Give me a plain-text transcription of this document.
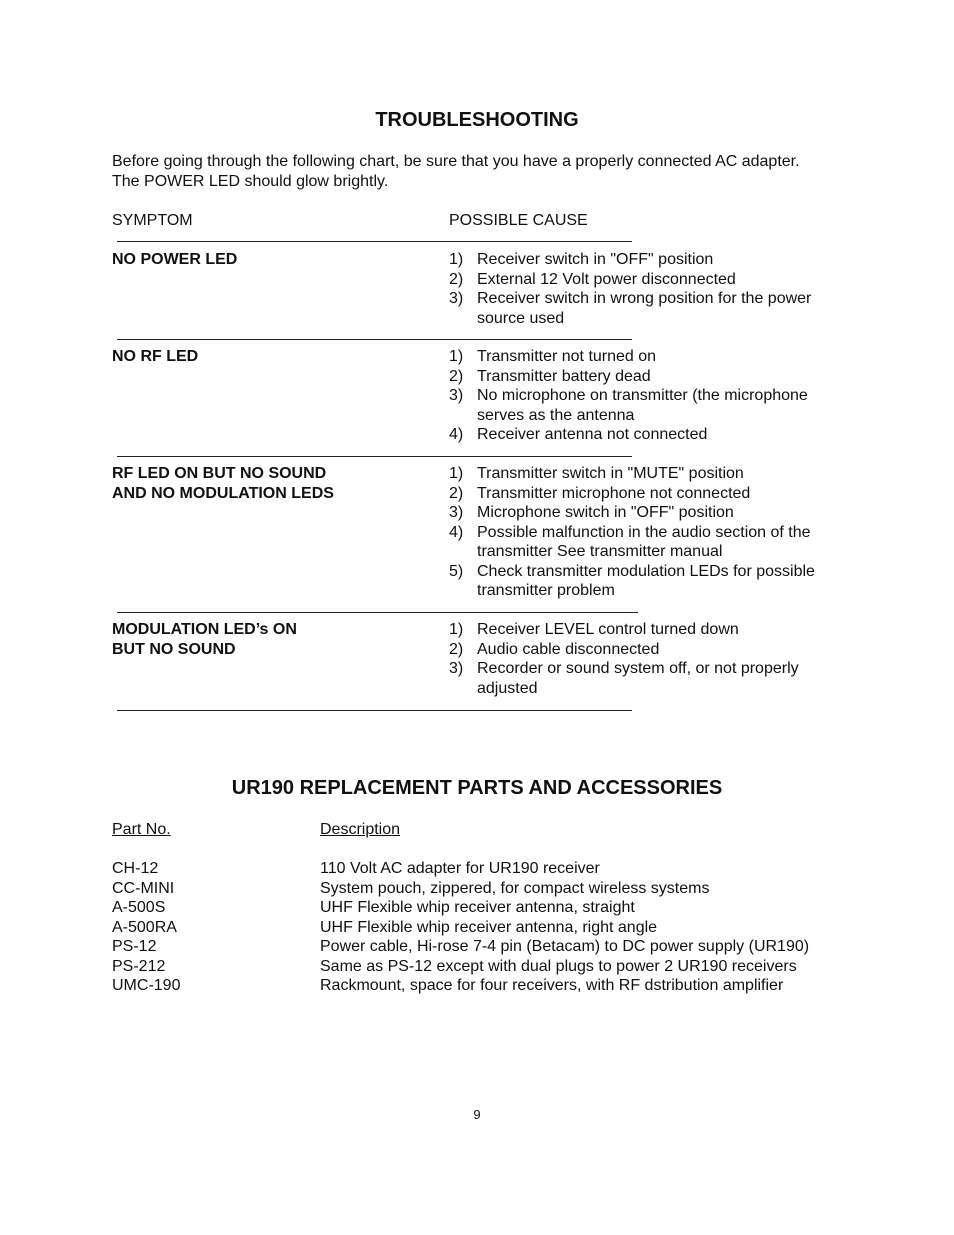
TROUBLESHOOTING

Before going through the following chart, be sure that you have a properly connected AC adapter.

The POWER LED should glow brightly.

SYMPTOM	POSSIBLE CAUSE
NO POWER LED	1) Receiver switch in "OFF" position
2) External 12 Volt power disconnected
3) Receiver switch in wrong position for the power source used
NO RF LED	1) Transmitter not turned on
2) Transmitter battery dead
3) No microphone on transmitter (the microphone serves as the antenna
4) Receiver antenna not connected
RF LED ON BUT NO SOUND
AND NO MODULATION LEDS
1) Transmitter switch in "MUTE" position
2) Transmitter microphone not connected
3) Microphone switch in "OFF" position
4) Possible malfunction in the audio section of the transmitter See transmitter manual
5) Check transmitter modulation LEDs for possible transmitter problem
MODULATION LED’s ON
BUT NO SOUND
1) Receiver LEVEL control turned down
2) Audio cable disconnected
3) Recorder or sound system off, or not properly adjusted
UR190 REPLACEMENT PARTS AND ACCESSORIES
Part No.	Description
CH-12	110 Volt AC adapter for UR190 receiver
CC-MINI	System pouch, zippered, for compact wireless systems
A-500S	UHF Flexible whip receiver antenna, straight
A-500RA	UHF Flexible whip receiver antenna, right angle
PS-12	Power cable, Hi-rose 7-4 pin (Betacam) to DC power supply (UR190)
PS-212	Same as PS-12 except with dual plugs to power 2 UR190 receivers
UMC-190	Rackmount, space for four receivers, with RF dstribution amplifier
9
